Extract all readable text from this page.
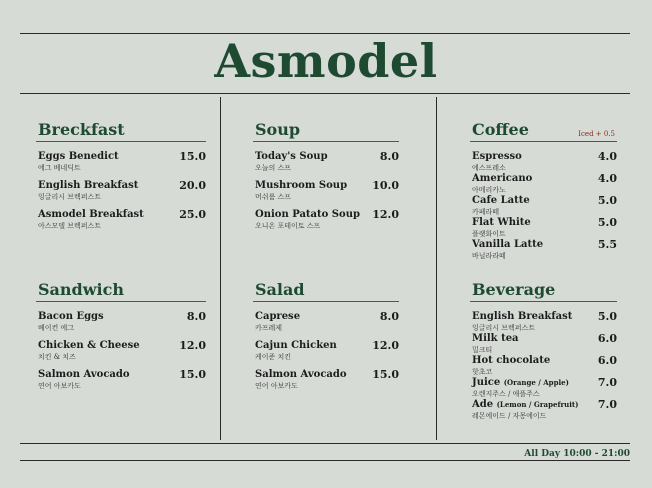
Asmodel
Breckfast
Eggs Benedict
에그 베네딕트
15.0
English Breakfast
잉글리시 브렉퍼스트
20.0
Asmodel Breakfast
아스모델 브렉퍼스트
25.0
Soup
Today's Soup
오늘의 스프
8.0
Mushroom Soup
머쉬룸 스프
10.0
Onion Patato Soup
오니온 포테이토 스프
12.0
Coffee	Iced + 0.5
Espresso
에스프레소
4.0
Americano
아메리카노
4.0
Cafe Latte
카페라떼
5.0
Flat White
플랫화이트
5.0
Vanilla Latte
바닐라라떼
5.5
Sandwich
Bacon Eggs
베이컨 에그
8.0
Chicken & Cheese
치킨 & 치즈
12.0
Salmon Avocado
연어 아보카도
15.0
Salad
Caprese
카프레제
8.0
Cajun Chicken
케이준 치킨
12.0
Salmon Avocado
연어 아보카도
15.0
Beverage
English Breakfast
잉글리시 브렉퍼스트
5.0
Milk tea
밀크티
6.0
Hot chocolate
핫초코
6.0
Juice (Orange / Apple)
오렌지주스 / 애플주스
7.0
Ade (Lemon / Grapefruit)
레몬에이드 / 자몽에이드
7.0
All Day 10:00 - 21:00
